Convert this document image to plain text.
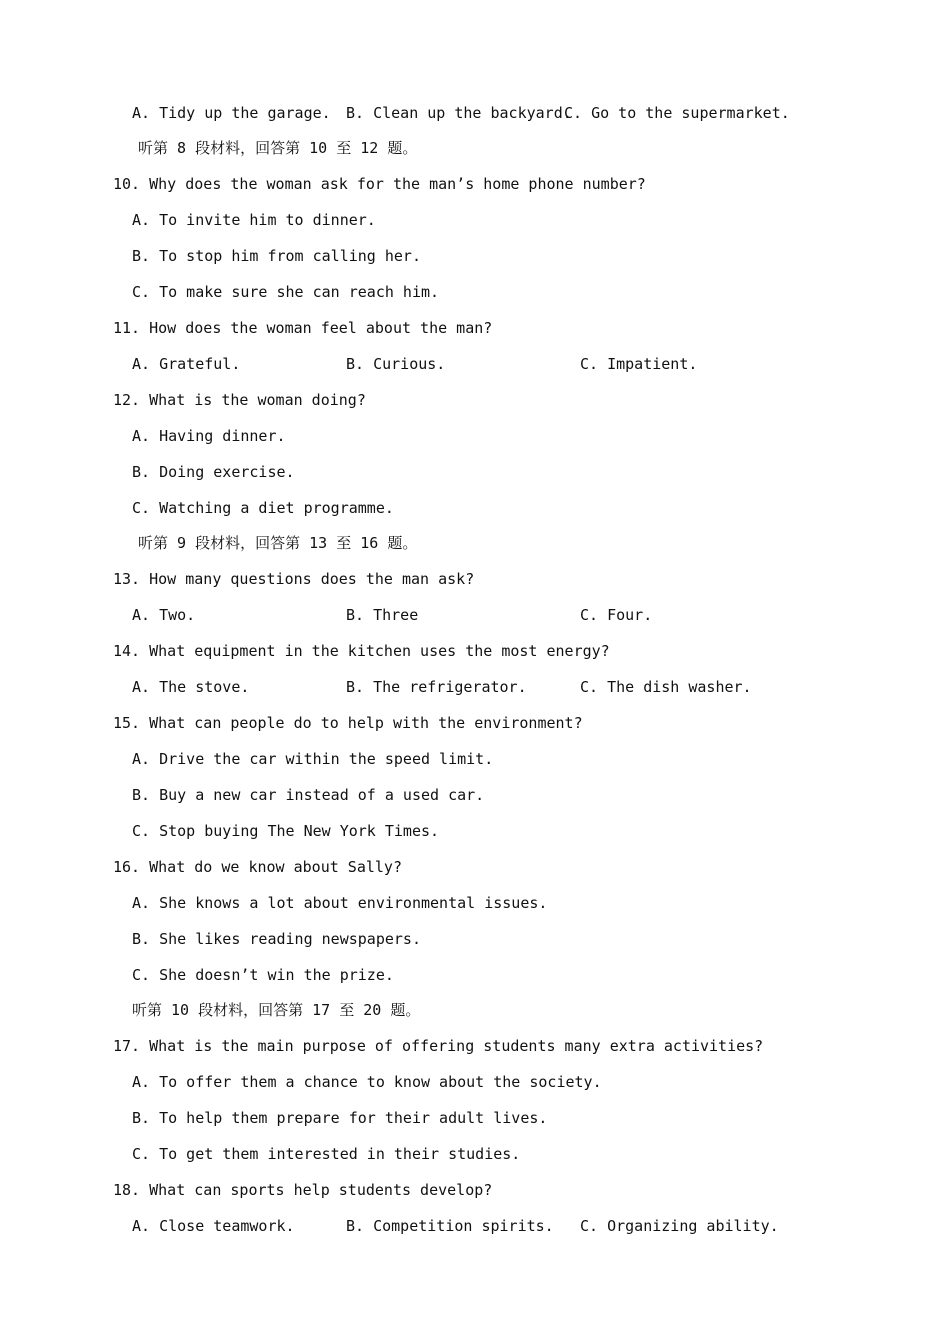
A. Tidy up the garage. B. Clean up the backyard.
C. Go to the supermarket.
听第 8 段材料，回答第 10 至 12 题。
10. Why does the woman ask for the man’s home phone number?
A. To invite him to dinner.
B. To stop him from calling her.
C. To make sure she can reach him.
11. How does the woman feel about the man?
A. Grateful.	B. Curious.	C. Impatient.
12. What is the woman doing?
A. Having dinner.
B. Doing exercise.
C. Watching a diet programme.
听第 9 段材料，回答第 13 至 16 题。
13. How many questions does the man ask?
A. Two.	B. Three	C. Four.
14. What equipment in the kitchen uses the most energy?
A. The stove.	B. The refrigerator.	C. The dish washer.
15. What can people do to help with the environment?
A. Drive the car within the speed limit.
B. Buy a new car instead of a used car.
C. Stop buying The New York Times.
16. What do we know about Sally?
A. She knows a lot about environmental issues.
B. She likes reading newspapers.
C. She doesn’t win the prize.
听第 10 段材料，回答第 17 至 20 题。
17. What is the main purpose of offering students many extra activities?
A. To offer them a chance to know about the society.
B. To help them prepare for their adult lives.
C. To get them interested in their studies.
18. What can sports help students develop?
A. Close teamwork.	B. Competition spirits. C. Organizing ability.
